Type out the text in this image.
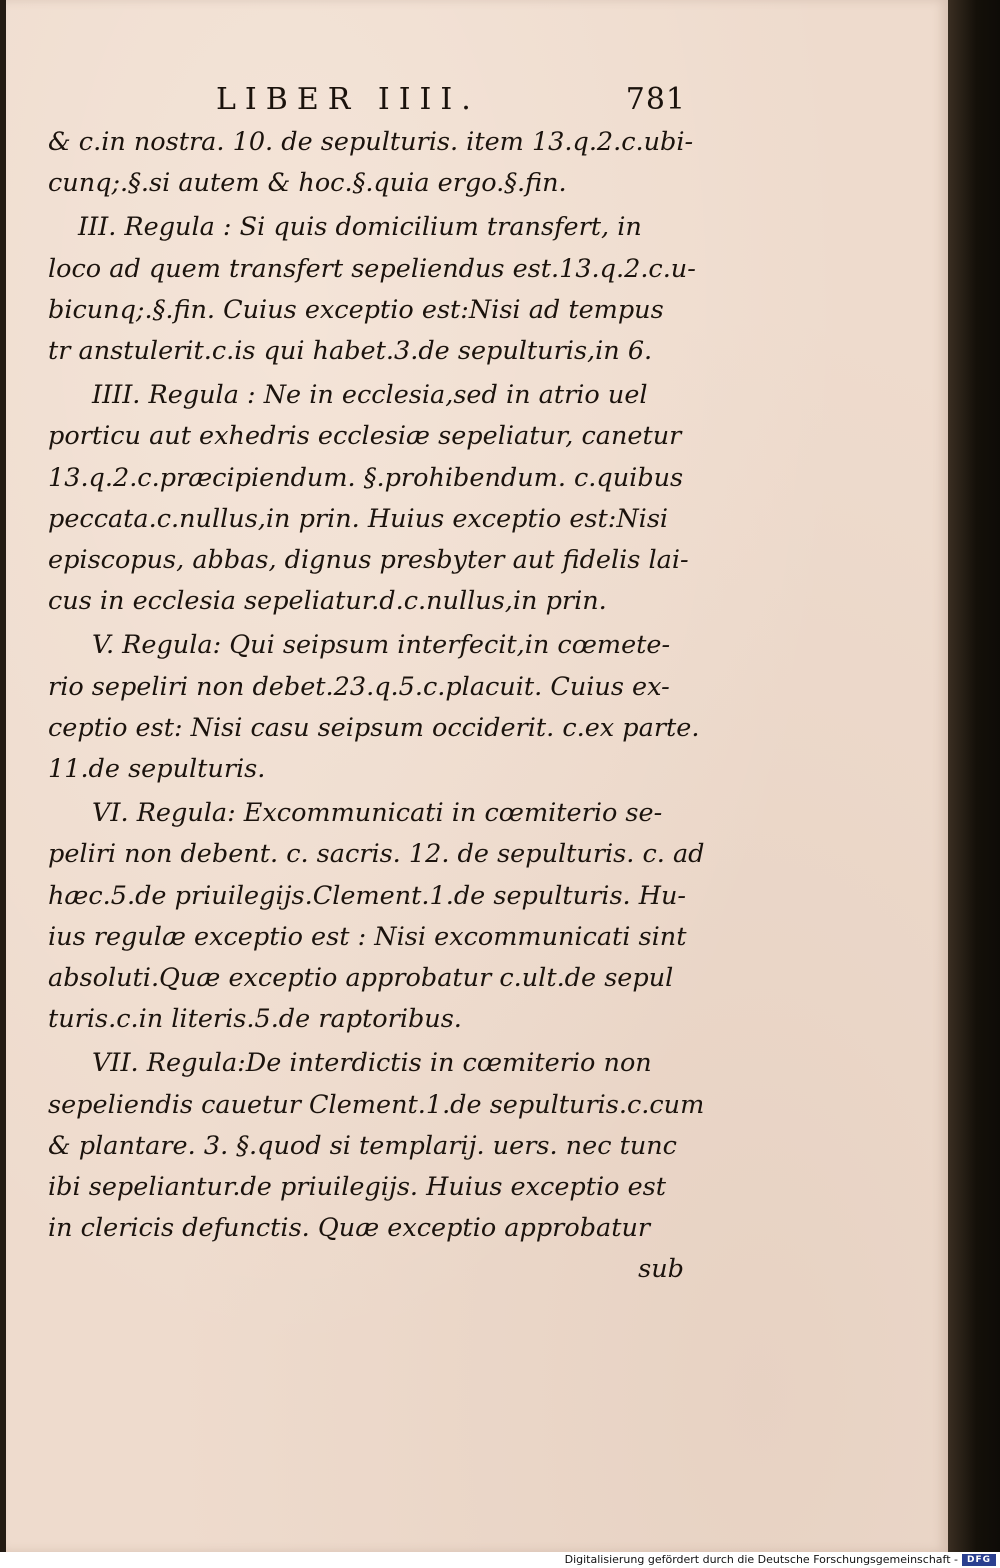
LIBER IIII.	781

& c.in nostra. 10. de sepulturis. item 13.q.2.c.ubi-
cunq;.§.si autem & hoc.§.quia ergo.§.fin.

III. Regula : Si quis domicilium transfert, in
loco ad quem transfert sepeliendus est.13.q.2.c.u-
bicunq;.§.fin. Cuius exceptio est:Nisi ad tempus
tr anstulerit.c.is qui habet.3.de sepulturis,in 6.

IIII. Regula : Ne in ecclesia,sed in atrio uel
porticu aut exhedris ecclesiæ sepeliatur, canetur
13.q.2.c.præcipiendum. §.prohibendum. c.quibus
peccata.c.nullus,in prin. Huius exceptio est:Nisi
episcopus, abbas, dignus presbyter aut fidelis lai-
cus in ecclesia sepeliatur.d.c.nullus,in prin.

V. Regula: Qui seipsum interfecit,in cœmete-
rio sepeliri non debet.23.q.5.c.placuit. Cuius ex-
ceptio est: Nisi casu seipsum occiderit. c.ex parte.
11.de sepulturis.

VI. Regula: Excommunicati in cœmiterio se-
peliri non debent. c. sacris. 12. de sepulturis. c. ad
hæc.5.de priuilegijs.Clement.1.de sepulturis. Hu-
ius regulæ exceptio est : Nisi excommunicati sint
absoluti.Quæ exceptio approbatur c.ult.de sepul
turis.c.in literis.5.de raptoribus.

VII. Regula:De interdictis in cœmiterio non
sepeliendis cauetur Clement.1.de sepulturis.c.cum
& plantare. 3. §.quod si templarij. uers. nec tunc
ibi sepeliantur.de priuilegijs. Huius exceptio est
in clericis defunctis. Quæ exceptio approbatur

sub
Digitalisierung gefördert durch die Deutsche Forschungsgemeinschaft - DFG
